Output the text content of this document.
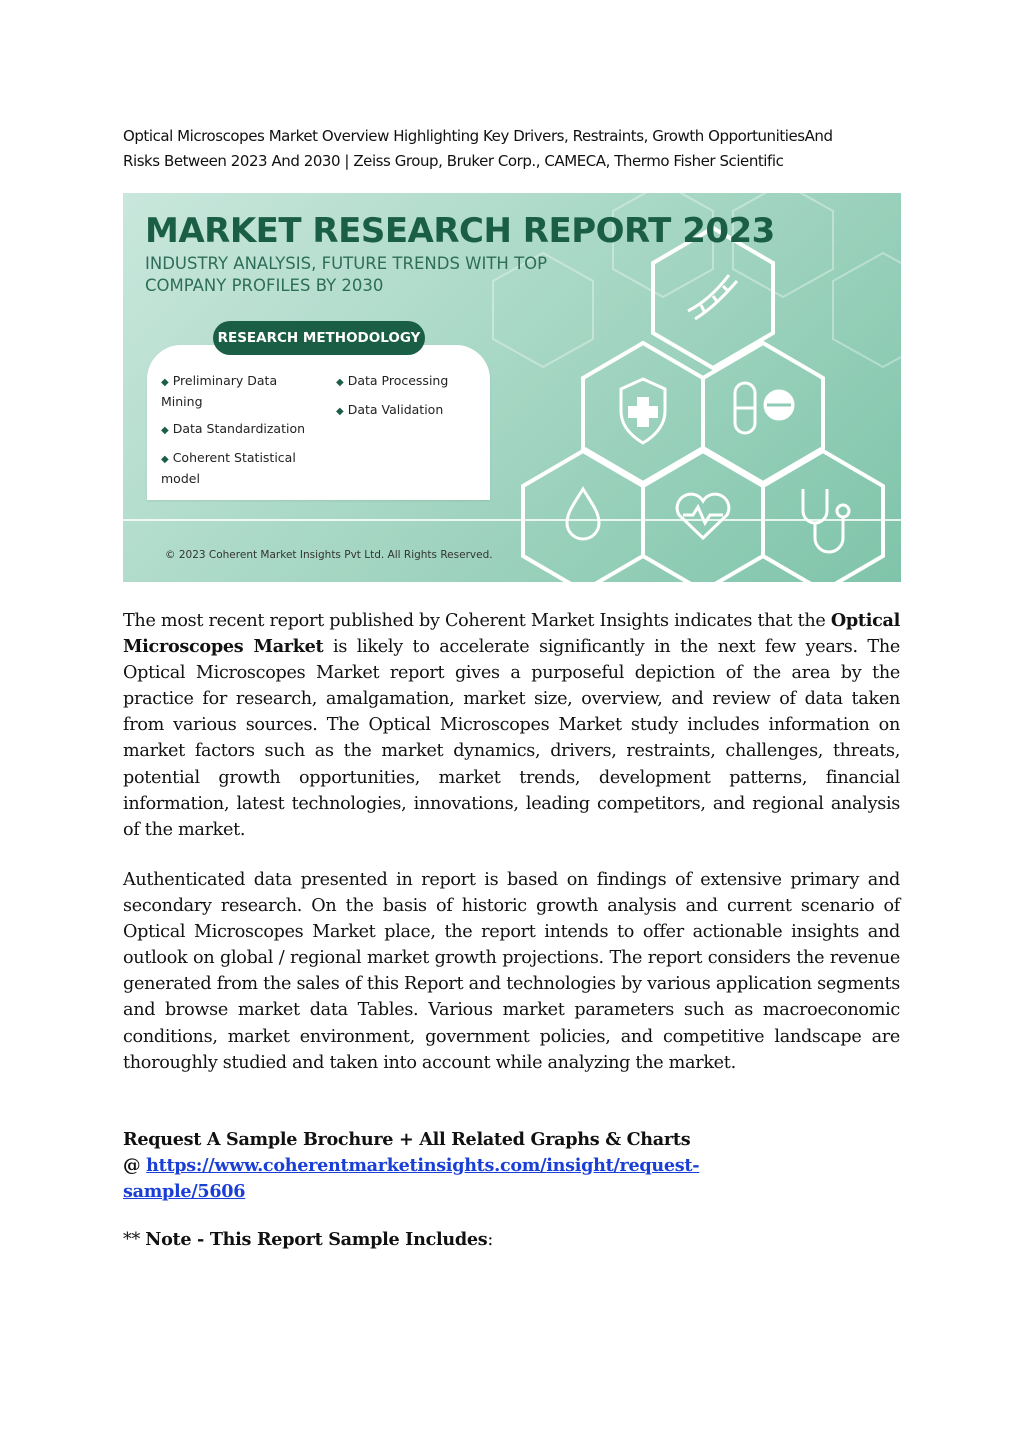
Optical Microscopes Market Overview Highlighting Key Drivers, Restraints, Growth OpportunitiesAnd
Risks Between 2023 And 2030 | Zeiss Group, Bruker Corp., CAMECA, Thermo Fisher Scientific
MARKET RESEARCH REPORT 2023
INDUSTRY ANALYSIS, FUTURE TRENDS WITH TOP COMPANY PROFILES BY 2030
RESEARCH METHODOLOGY
◆ Preliminary Data Mining
◆ Data Standardization
◆ Coherent Statistical model
◆ Data Processing
◆ Data Validation
© 2023 Coherent Market Insights Pvt Ltd. All Rights Reserved.

The most recent report published by Coherent Market Insights indicates that the Optical Microscopes Market is likely to accelerate significantly in the next few years. The Optical Microscopes Market report gives a purposeful depiction of the area by the practice for research, amalgamation, market size, overview, and review of data taken from various sources. The Optical Microscopes Market study includes information on market factors such as the market dynamics, drivers, restraints, challenges, threats, potential growth opportunities, market trends, development patterns, financial information, latest technologies, innovations, leading competitors, and regional analysis of the market.

Authenticated data presented in report is based on findings of extensive primary and secondary research. On the basis of historic growth analysis and current scenario of Optical Microscopes Market place, the report intends to offer actionable insights and outlook on global / regional market growth projections. The report considers the revenue generated from the sales of this Report and technologies by various application segments and browse market data Tables. Various market parameters such as macroeconomic conditions, market environment, government policies, and competitive landscape are thoroughly studied and taken into account while analyzing the market.

Request A Sample Brochure + All Related Graphs & Charts
@ https://www.coherentmarketinsights.com/insight/request-
sample/5606
** Note - This Report Sample Includes:
